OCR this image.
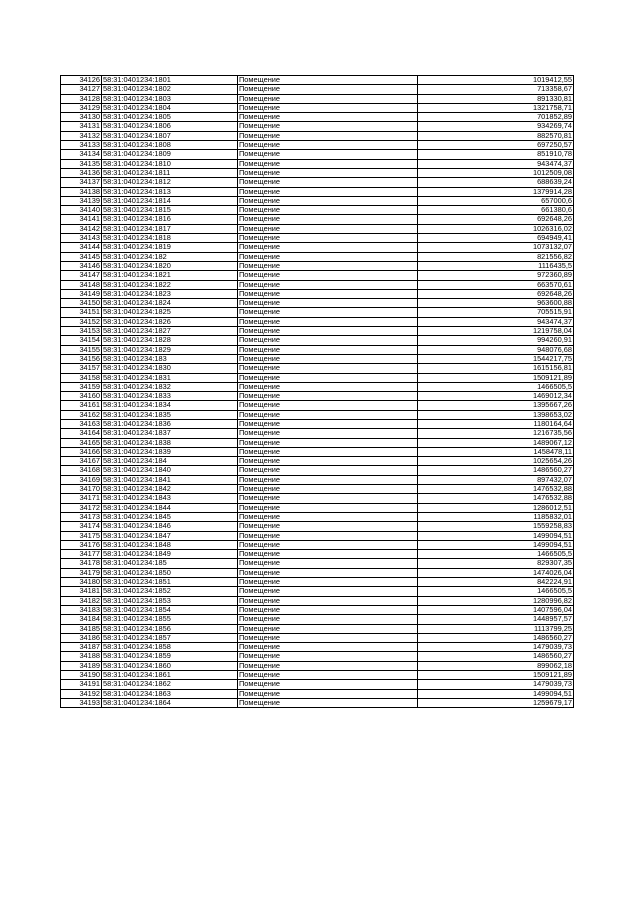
34126	58:31:0401234:1801	Помещение	1019412,55
34127	58:31:0401234:1802	Помещение	713358,67
34128	58:31:0401234:1803	Помещение	891330,81
34129	58:31:0401234:1804	Помещение	1321758,71
34130	58:31:0401234:1805	Помещение	701852,89
34131	58:31:0401234:1806	Помещение	934269,74
34132	58:31:0401234:1807	Помещение	882570,81
34133	58:31:0401234:1808	Помещение	697250,57
34134	58:31:0401234:1809	Помещение	851910,78
34135	58:31:0401234:1810	Помещение	943474,37
34136	58:31:0401234:1811	Помещение	1012509,08
34137	58:31:0401234:1812	Помещение	688639,24
34138	58:31:0401234:1813	Помещение	1379914,28
34139	58:31:0401234:1814	Помещение	657000,6
34140	58:31:0401234:1815	Помещение	661380,6
34141	58:31:0401234:1816	Помещение	692648,26
34142	58:31:0401234:1817	Помещение	1026316,02
34143	58:31:0401234:1818	Помещение	694949,41
34144	58:31:0401234:1819	Помещение	1073132,07
34145	58:31:0401234:182	Помещение	821556,82
34146	58:31:0401234:1820	Помещение	1116435,5
34147	58:31:0401234:1821	Помещение	972360,89
34148	58:31:0401234:1822	Помещение	663570,61
34149	58:31:0401234:1823	Помещение	692648,26
34150	58:31:0401234:1824	Помещение	963600,88
34151	58:31:0401234:1825	Помещение	705515,91
34152	58:31:0401234:1826	Помещение	943474,37
34153	58:31:0401234:1827	Помещение	1219758,04
34154	58:31:0401234:1828	Помещение	994260,91
34155	58:31:0401234:1829	Помещение	948076,68
34156	58:31:0401234:183	Помещение	1544217,75
34157	58:31:0401234:1830	Помещение	1615156,81
34158	58:31:0401234:1831	Помещение	1509121,89
34159	58:31:0401234:1832	Помещение	1466505,5
34160	58:31:0401234:1833	Помещение	1469012,34
34161	58:31:0401234:1834	Помещение	1395667,26
34162	58:31:0401234:1835	Помещение	1398653,02
34163	58:31:0401234:1836	Помещение	1180164,64
34164	58:31:0401234:1837	Помещение	1216735,56
34165	58:31:0401234:1838	Помещение	1489067,12
34166	58:31:0401234:1839	Помещение	1458478,11
34167	58:31:0401234:184	Помещение	1025654,26
34168	58:31:0401234:1840	Помещение	1486560,27
34169	58:31:0401234:1841	Помещение	897432,07
34170	58:31:0401234:1842	Помещение	1476532,88
34171	58:31:0401234:1843	Помещение	1476532,88
34172	58:31:0401234:1844	Помещение	1286012,51
34173	58:31:0401234:1845	Помещение	1185832,01
34174	58:31:0401234:1846	Помещение	1559258,83
34175	58:31:0401234:1847	Помещение	1499094,51
34176	58:31:0401234:1848	Помещение	1499094,51
34177	58:31:0401234:1849	Помещение	1466505,5
34178	58:31:0401234:185	Помещение	829307,35
34179	58:31:0401234:1850	Помещение	1474026,04
34180	58:31:0401234:1851	Помещение	842224,91
34181	58:31:0401234:1852	Помещение	1466505,5
34182	58:31:0401234:1853	Помещение	1280996,82
34183	58:31:0401234:1854	Помещение	1407596,04
34184	58:31:0401234:1855	Помещение	1448957,57
34185	58:31:0401234:1856	Помещение	1113799,25
34186	58:31:0401234:1857	Помещение	1486560,27
34187	58:31:0401234:1858	Помещение	1479039,73
34188	58:31:0401234:1859	Помещение	1486560,27
34189	58:31:0401234:1860	Помещение	899062,18
34190	58:31:0401234:1861	Помещение	1509121,89
34191	58:31:0401234:1862	Помещение	1479039,73
34192	58:31:0401234:1863	Помещение	1499094,51
34193	58:31:0401234:1864	Помещение	1259679,17
